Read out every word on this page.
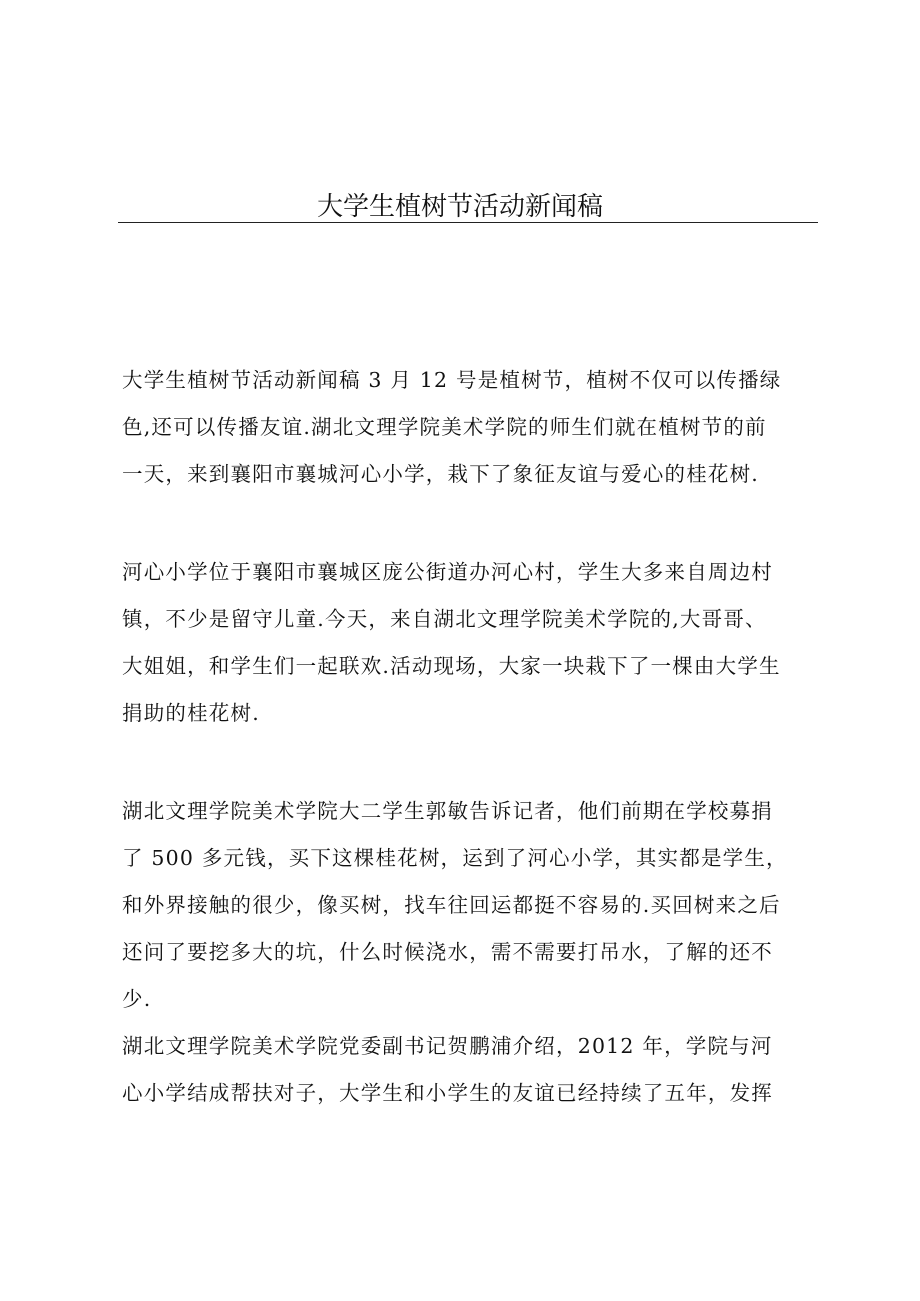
大学生植树节活动新闻稿

大学生植树节活动新闻稿 3 月 12 号是植树节，植树不仅可以传播绿
色,还可以传播友谊.湖北文理学院美术学院的师生们就在植树节的前
一天，来到襄阳市襄城河心小学，栽下了象征友谊与爱心的桂花树.

河心小学位于襄阳市襄城区庞公街道办河心村，学生大多来自周边村
镇，不少是留守儿童.今天，来自湖北文理学院美术学院的,大哥哥、
大姐姐，和学生们一起联欢.活动现场，大家一块栽下了一棵由大学生
捐助的桂花树.

湖北文理学院美术学院大二学生郭敏告诉记者，他们前期在学校募捐
了 500 多元钱，买下这棵桂花树，运到了河心小学，其实都是学生，
和外界接触的很少，像买树，找车往回运都挺不容易的.买回树来之后
还问了要挖多大的坑，什么时候浇水，需不需要打吊水，了解的还不
少.

湖北文理学院美术学院党委副书记贺鹏浦介绍，2012 年，学院与河
心小学结成帮扶对子，大学生和小学生的友谊已经持续了五年，发挥
